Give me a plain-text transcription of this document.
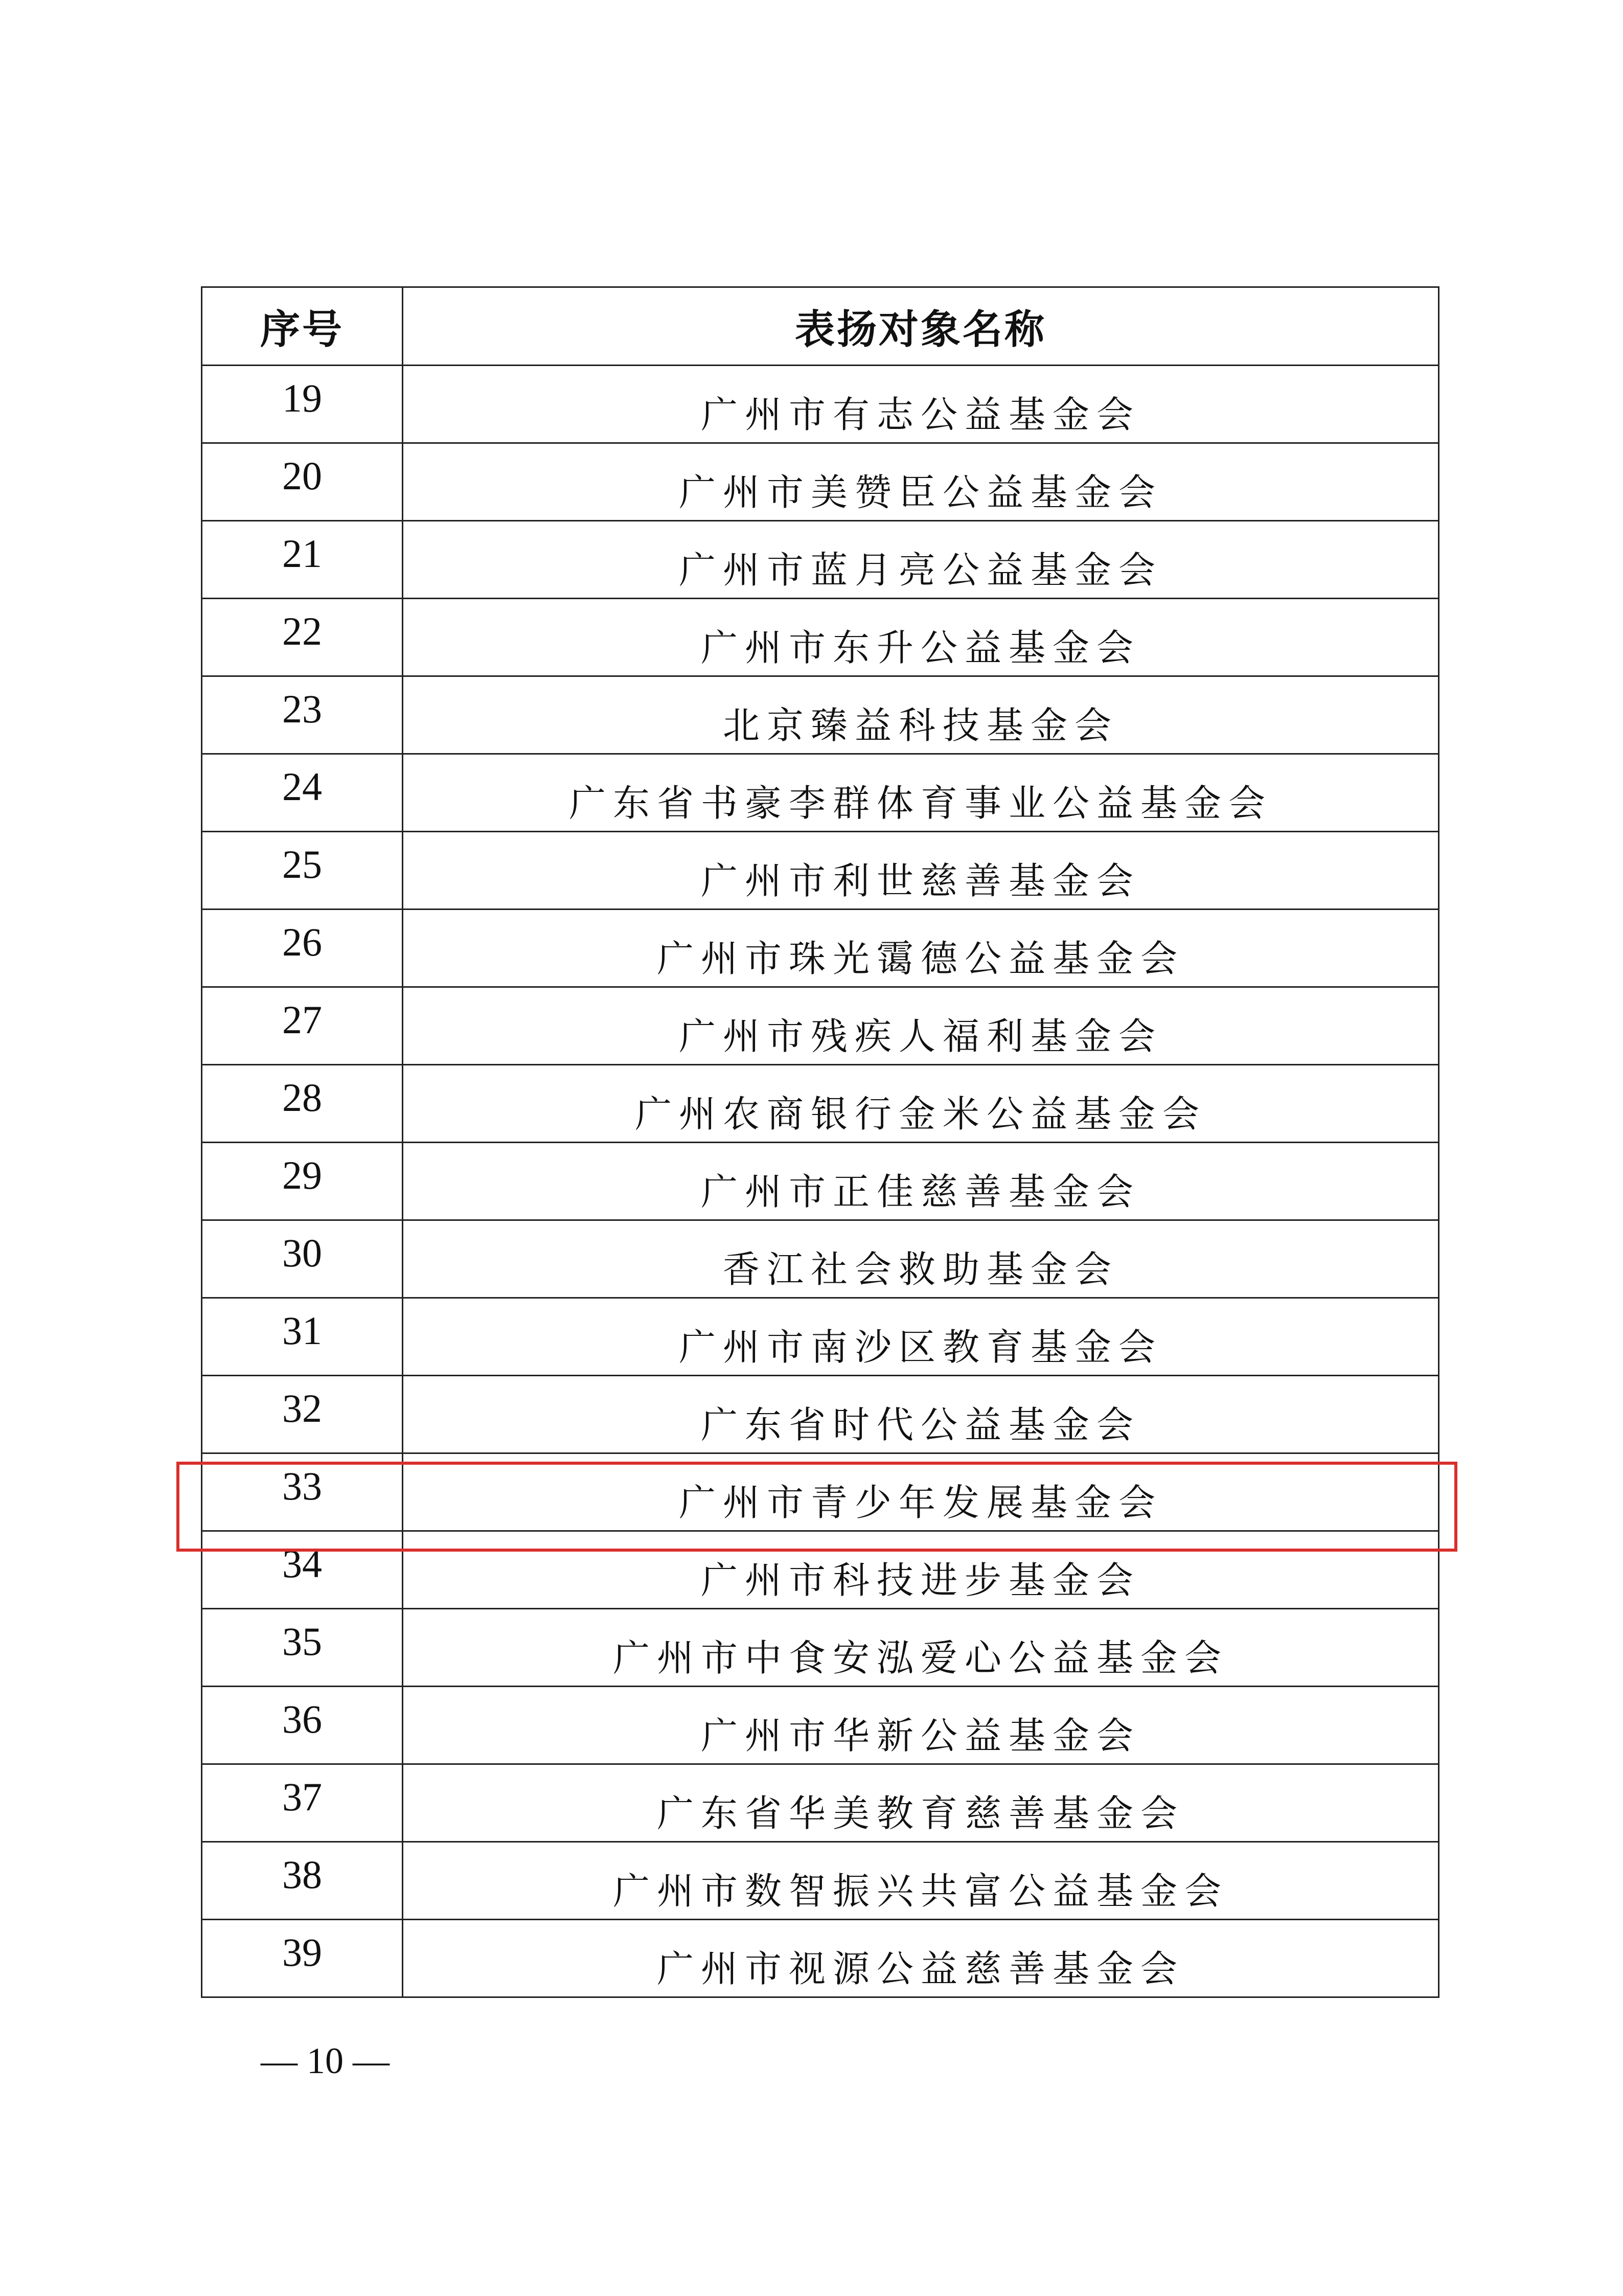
序号	表扬对象名称
19	广州市有志公益基金会
20	广州市美赞臣公益基金会
21	广州市蓝月亮公益基金会
22	广州市东升公益基金会
23	北京臻益科技基金会
24	广东省书豪李群体育事业公益基金会
25	广州市利世慈善基金会
26	广州市珠光霭德公益基金会
27	广州市残疾人福利基金会
28	广州农商银行金米公益基金会
29	广州市正佳慈善基金会
30	香江社会救助基金会
31	广州市南沙区教育基金会
32	广东省时代公益基金会
33	广州市青少年发展基金会
34	广州市科技进步基金会
35	广州市中食安泓爱心公益基金会
36	广州市华新公益基金会
37	广东省华美教育慈善基金会
38	广州市数智振兴共富公益基金会
39	广州市视源公益慈善基金会
— 10 —
